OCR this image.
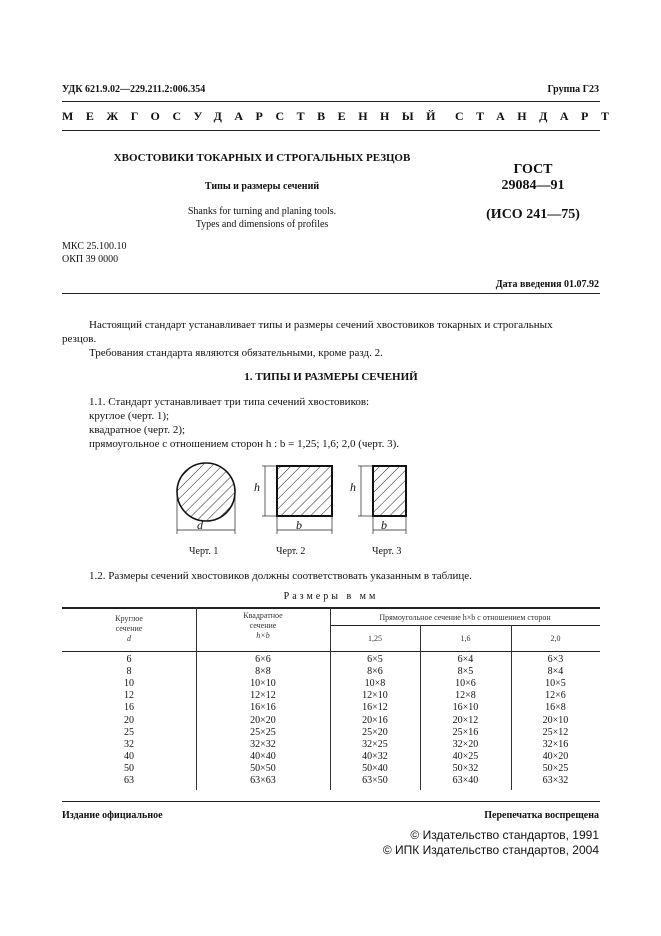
УДК 621.9.02—229.211.2:006.354	Группа Г23
МЕЖГОСУДАРСТВЕННЫЙ СТАНДАРТ
ХВОСТОВИКИ ТОКАРНЫХ И СТРОГАЛЬНЫХ РЕЗЦОВ
Типы и размеры сечений
Shanks for turning and planing tools.
Types and dimensions of profiles
ГОСТ
29084—91
(ИСО 241—75)
МКС 25.100.10
ОКП 39 0000
Дата введения 01.07.92
Настоящий стандарт устанавливает типы и размеры сечений хвостовиков токарных и строгальных
резцов.
Требования стандарта являются обязательными, кроме разд. 2.
1. ТИПЫ И РАЗМЕРЫ СЕЧЕНИЙ
1.1. Стандарт устанавливает три типа сечений хвостовиков:
круглое (черт. 1);
квадратное (черт. 2);
прямоугольное с отношением сторон h : b = 1,25; 1,6; 2,0 (черт. 3).
d
h
b
h
b
Черт. 1	Черт. 2	Черт. 3
1.2. Размеры сечений хвостовиков должны соответствовать указанным в таблице.
Размеры в мм
Круглое
сечение
d
Квадратное
сечение
h×b
Прямоугольное сечение h×b с отношением сторон
1,25	1,6	2,0
6	6×6	6×5	6×4	6×3
8	8×8	8×6	8×5	8×4
10	10×10	10×8	10×6	10×5
12	12×12	12×10	12×8	12×6
16	16×16	16×12	16×10	16×8
20	20×20	20×16	20×12	20×10
25	25×25	25×20	25×16	25×12
32	32×32	32×25	32×20	32×16
40	40×40	40×32	40×25	40×20
50	50×50	50×40	50×32	50×25
63	63×63	63×50	63×40	63×32
Издание официальное	Перепечатка воспрещена
© Издательство стандартов, 1991
© ИПК Издательство стандартов, 2004
